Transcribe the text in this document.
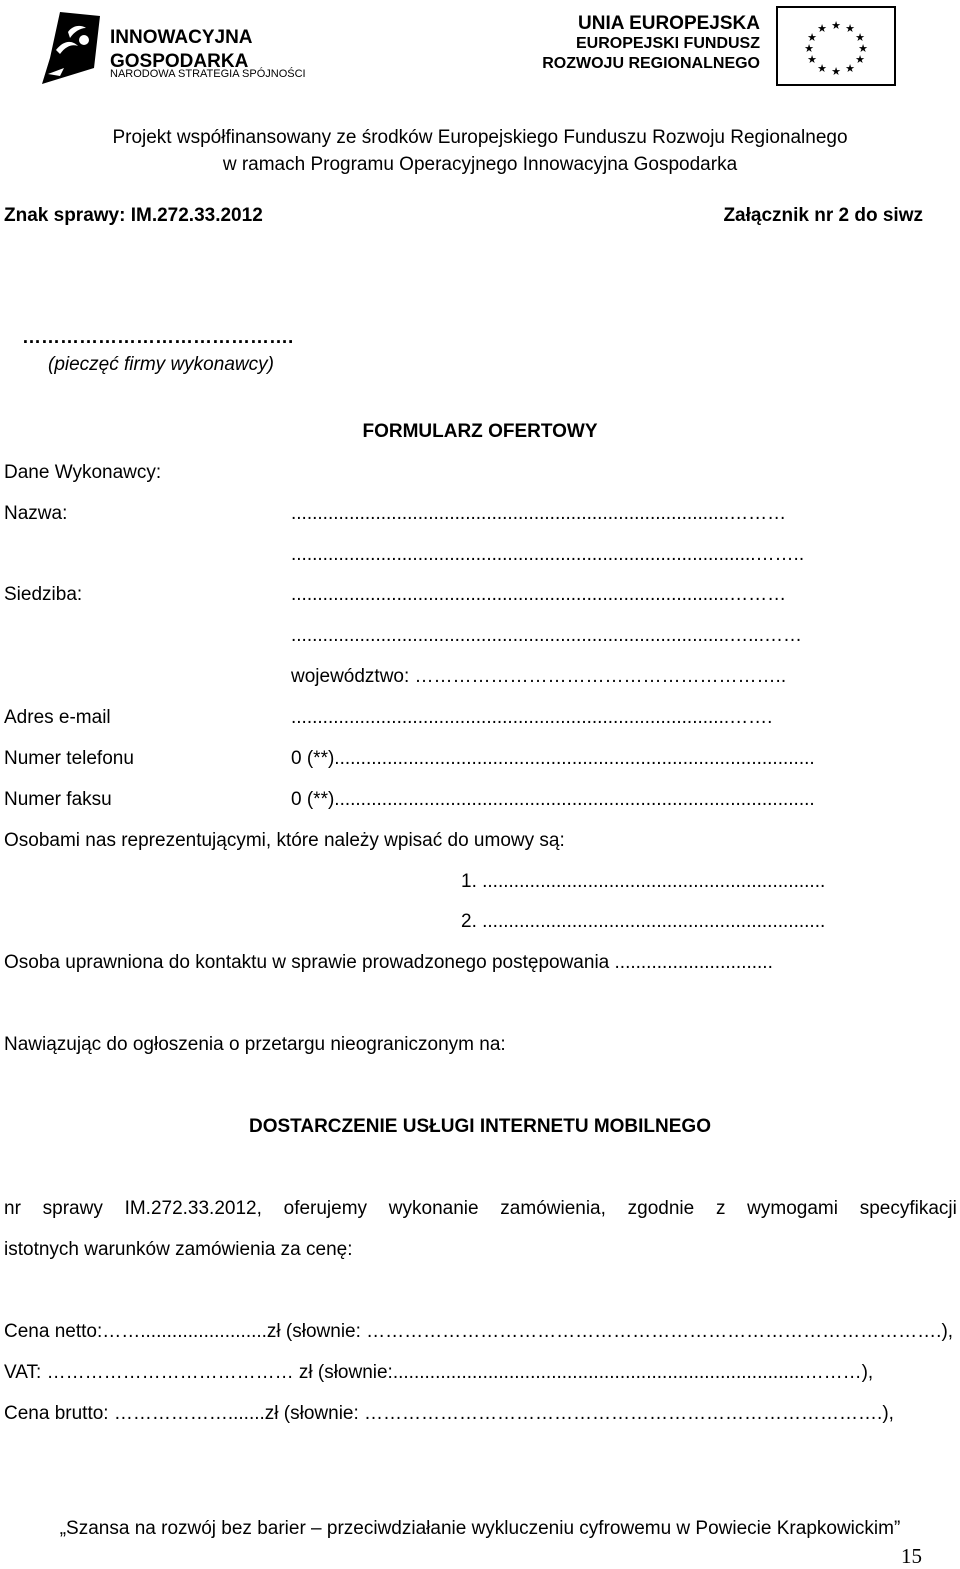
INNOWACYJNA
GOSPODARKA
NARODOWA STRATEGIA SPÓJNOŚCI
UNIA EUROPEJSKA
EUROPEJSKI FUNDUSZ
ROZWOJU REGIONALNEGO
★ ★
★
★
★
★
★
★
★
★
★
★
Projekt współfinansowany ze środków Europejskiego Funduszu Rozwoju Regionalnego
w ramach Programu Operacyjnego Innowacyjna Gospodarka
Znak sprawy: IM.272.33.2012	Załącznik nr 2 do siwz
…………………………………….
(pieczęć firmy wykonawcy)
FORMULARZ OFERTOWY
Dane Wykonawcy:
Nazwa:	...................................................................................………
........................................................................................……..
Siedziba:	...................................................................................………
...................................................................................…...……
województwo: …………………………………………………..
Adres e-mail	...................................................................................…….
Numer telefonu	0 (**)...........................................................................................
Numer faksu	0 (**)...........................................................................................
Osobami nas reprezentującymi, które należy wpisać do umowy są:
1. .................................................................
2. .................................................................
Osoba uprawniona do kontaktu w sprawie prowadzonego postępowania ..............................
Nawiązując do ogłoszenia o przetargu nieograniczonym na:
DOSTARCZENIE USŁUGI INTERNETU MOBILNEGO
nr sprawy IM.272.33.2012, oferujemy wykonanie zamówienia, zgodnie z wymogami specyfikacji
istotnych warunków zamówienia za cenę:
Cena netto:……........................zł (słownie: ……………………………………………………………………………….),
VAT: ………………………………… zł (słownie:..............................................................................………),
Cena brutto: ……………….......zł (słownie: ……………………………………………………………………….),
„Szansa na rozwój bez barier – przeciwdziałanie wykluczeniu cyfrowemu w Powiecie Krapkowickim”
15
